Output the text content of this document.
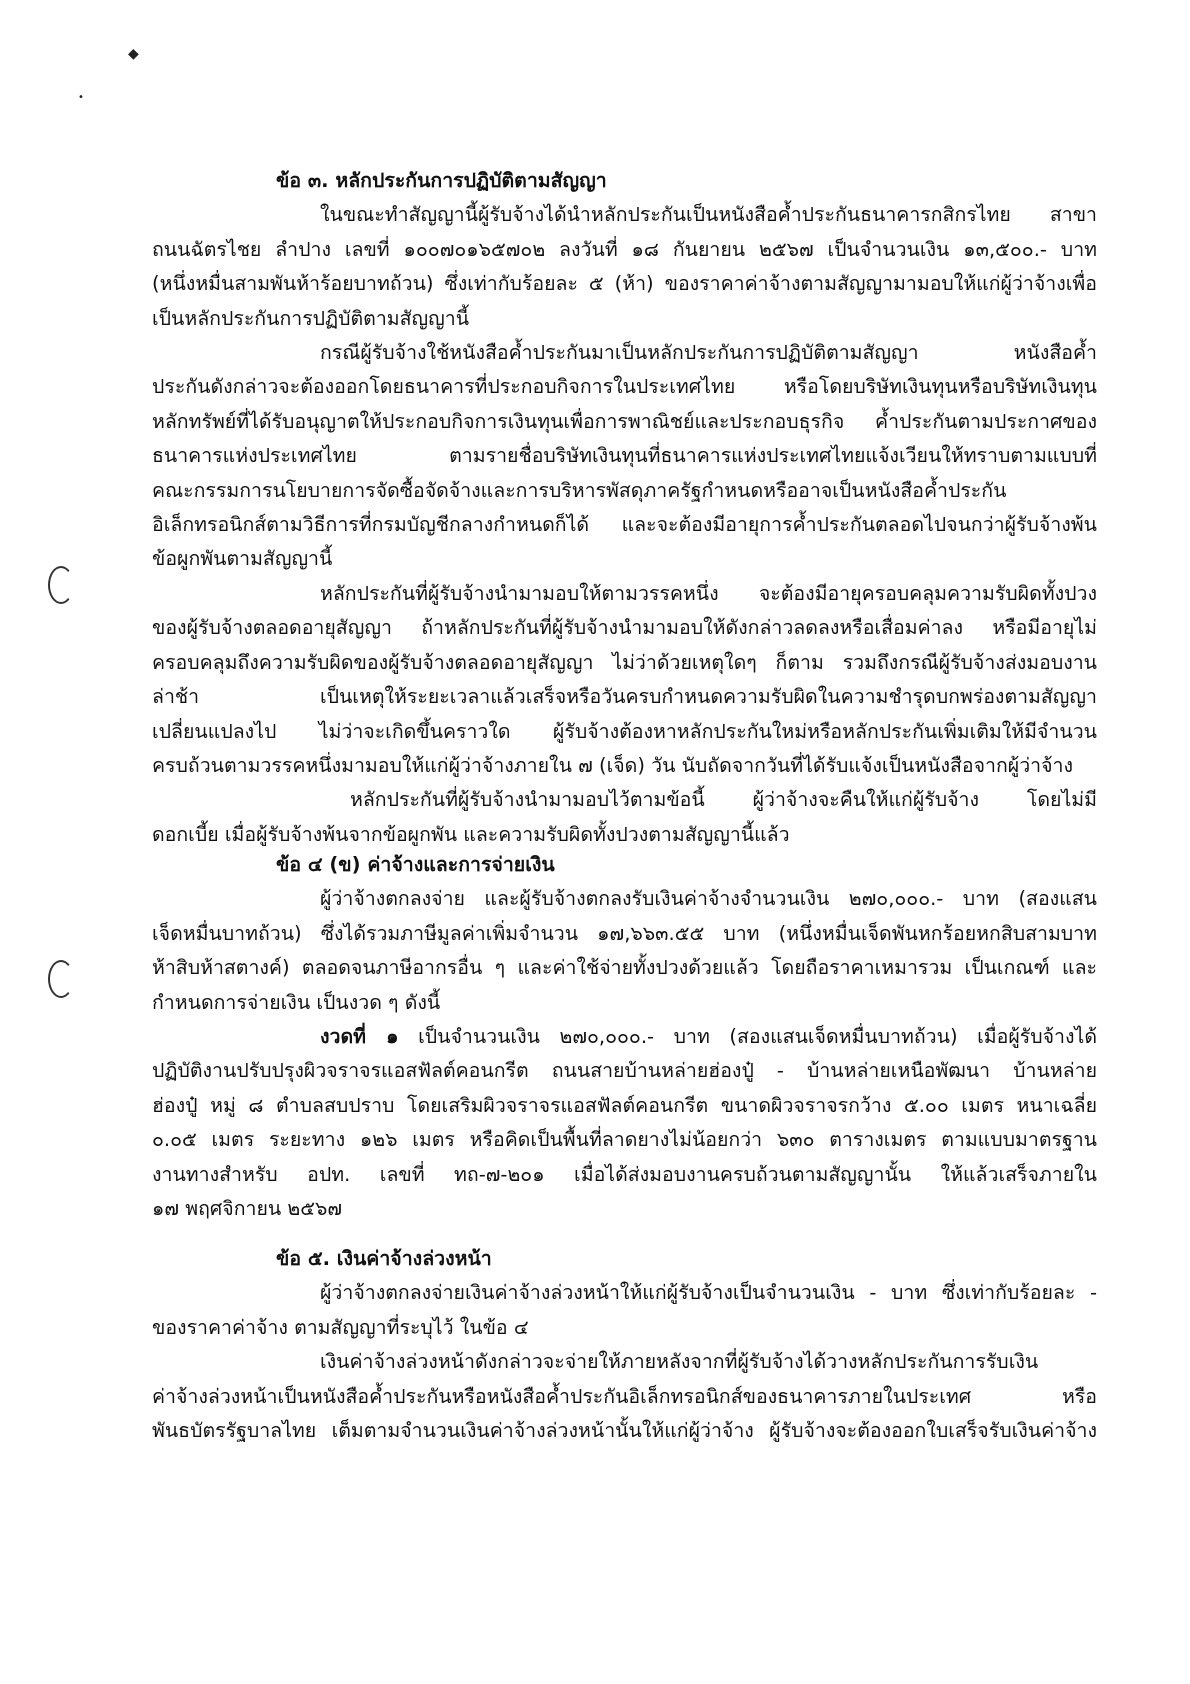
◆
•
ข้อ ๓. หลักประกันการปฏิบัติตามสัญญา
ในขณะทำสัญญานี้ผู้รับจ้างได้นำหลักประกันเป็นหนังสือค้ำประกันธนาคารกสิกรไทย สาขา
ถนนฉัตรไชย ลำปาง เลขที่ ๑๐๐๗๐๑๖๕๗๐๒ ลงวันที่ ๑๘ กันยายน ๒๕๖๗ เป็นจำนวนเงิน ๑๓,๕๐๐.- บาท
(หนึ่งหมื่นสามพันห้าร้อยบาทถ้วน) ซึ่งเท่ากับร้อยละ ๕ (ห้า) ของราคาค่าจ้างตามสัญญามามอบให้แก่ผู้ว่าจ้างเพื่อ
เป็นหลักประกันการปฏิบัติตามสัญญานี้
กรณีผู้รับจ้างใช้หนังสือค้ำประกันมาเป็นหลักประกันการปฏิบัติตามสัญญา หนังสือค้ำ
ประกันดังกล่าวจะต้องออกโดยธนาคารที่ประกอบกิจการในประเทศไทย หรือโดยบริษัทเงินทุนหรือบริษัทเงินทุน
หลักทรัพย์ที่ได้รับอนุญาตให้ประกอบกิจการเงินทุนเพื่อการพาณิชย์และประกอบธุรกิจ ค้ำประกันตามประกาศของ
ธนาคารแห่งประเทศไทย ตามรายชื่อบริษัทเงินทุนที่ธนาคารแห่งประเทศไทยแจ้งเวียนให้ทราบตามแบบที่
คณะกรรมการนโยบายการจัดซื้อจัดจ้างและการบริหารพัสดุภาครัฐกำหนดหรืออาจเป็นหนังสือค้ำประกัน
อิเล็กทรอนิกส์ตามวิธีการที่กรมบัญชีกลางกำหนดก็ได้ และจะต้องมีอายุการค้ำประกันตลอดไปจนกว่าผู้รับจ้างพ้น
ข้อผูกพันตามสัญญานี้
หลักประกันที่ผู้รับจ้างนำมามอบให้ตามวรรคหนึ่ง จะต้องมีอายุครอบคลุมความรับผิดทั้งปวง
ของผู้รับจ้างตลอดอายุสัญญา ถ้าหลักประกันที่ผู้รับจ้างนำมามอบให้ดังกล่าวลดลงหรือเสื่อมค่าลง หรือมีอายุไม่
ครอบคลุมถึงความรับผิดของผู้รับจ้างตลอดอายุสัญญา ไม่ว่าด้วยเหตุใดๆ ก็ตาม รวมถึงกรณีผู้รับจ้างส่งมอบงาน
ล่าช้า เป็นเหตุให้ระยะเวลาแล้วเสร็จหรือวันครบกำหนดความรับผิดในความชำรุดบกพร่องตามสัญญา
เปลี่ยนแปลงไป ไม่ว่าจะเกิดขึ้นคราวใด ผู้รับจ้างต้องหาหลักประกันใหม่หรือหลักประกันเพิ่มเติมให้มีจำนวน
ครบถ้วนตามวรรคหนึ่งมามอบให้แก่ผู้ว่าจ้างภายใน ๗ (เจ็ด) วัน นับถัดจากวันที่ได้รับแจ้งเป็นหนังสือจากผู้ว่าจ้าง
หลักประกันที่ผู้รับจ้างนำมามอบไว้ตามข้อนี้ ผู้ว่าจ้างจะคืนให้แก่ผู้รับจ้าง โดยไม่มี
ดอกเบี้ย เมื่อผู้รับจ้างพ้นจากข้อผูกพัน และความรับผิดทั้งปวงตามสัญญานี้แล้ว
ข้อ ๔ (ข) ค่าจ้างและการจ่ายเงิน
ผู้ว่าจ้างตกลงจ่าย และผู้รับจ้างตกลงรับเงินค่าจ้างจำนวนเงิน ๒๗๐,๐๐๐.- บาท (สองแสน
เจ็ดหมื่นบาทถ้วน) ซึ่งได้รวมภาษีมูลค่าเพิ่มจำนวน ๑๗,๖๖๓.๕๕ บาท (หนึ่งหมื่นเจ็ดพันหกร้อยหกสิบสามบาท
ห้าสิบห้าสตางค์) ตลอดจนภาษีอากรอื่น ๆ และค่าใช้จ่ายทั้งปวงด้วยแล้ว โดยถือราคาเหมารวม เป็นเกณฑ์ และ
กำหนดการจ่ายเงิน เป็นงวด ๆ ดังนี้
งวดที่ ๑ เป็นจำนวนเงิน ๒๗๐,๐๐๐.- บาท (สองแสนเจ็ดหมื่นบาทถ้วน) เมื่อผู้รับจ้างได้
ปฏิบัติงานปรับปรุงผิวจราจรแอสฟัลต์คอนกรีต ถนนสายบ้านหล่ายฮ่องปู๋ - บ้านหล่ายเหนือพัฒนา บ้านหล่าย
ฮ่องปู๋ หมู่ ๘ ตำบลสบปราบ โดยเสริมผิวจราจรแอสฟัลต์คอนกรีต ขนาดผิวจราจรกว้าง ๕.๐๐ เมตร หนาเฉลี่ย
๐.๐๕ เมตร ระยะทาง ๑๒๖ เมตร หรือคิดเป็นพื้นที่ลาดยางไม่น้อยกว่า ๖๓๐ ตารางเมตร ตามแบบมาตรฐาน
งานทางสำหรับ อปท. เลขที่ ทถ-๗-๒๐๑ เมื่อได้ส่งมอบงานครบถ้วนตามสัญญานั้น ให้แล้วเสร็จภายใน
๑๗ พฤศจิกายน ๒๕๖๗
ข้อ ๕. เงินค่าจ้างล่วงหน้า
ผู้ว่าจ้างตกลงจ่ายเงินค่าจ้างล่วงหน้าให้แก่ผู้รับจ้างเป็นจำนวนเงิน - บาท ซึ่งเท่ากับร้อยละ -
ของราคาค่าจ้าง ตามสัญญาที่ระบุไว้ ในข้อ ๔
เงินค่าจ้างล่วงหน้าดังกล่าวจะจ่ายให้ภายหลังจากที่ผู้รับจ้างได้วางหลักประกันการรับเงิน
ค่าจ้างล่วงหน้าเป็นหนังสือค้ำประกันหรือหนังสือค้ำประกันอิเล็กทรอนิกส์ของธนาคารภายในประเทศ หรือ
พันธบัตรรัฐบาลไทย เต็มตามจำนวนเงินค่าจ้างล่วงหน้านั้นให้แก่ผู้ว่าจ้าง ผู้รับจ้างจะต้องออกใบเสร็จรับเงินค่าจ้าง
